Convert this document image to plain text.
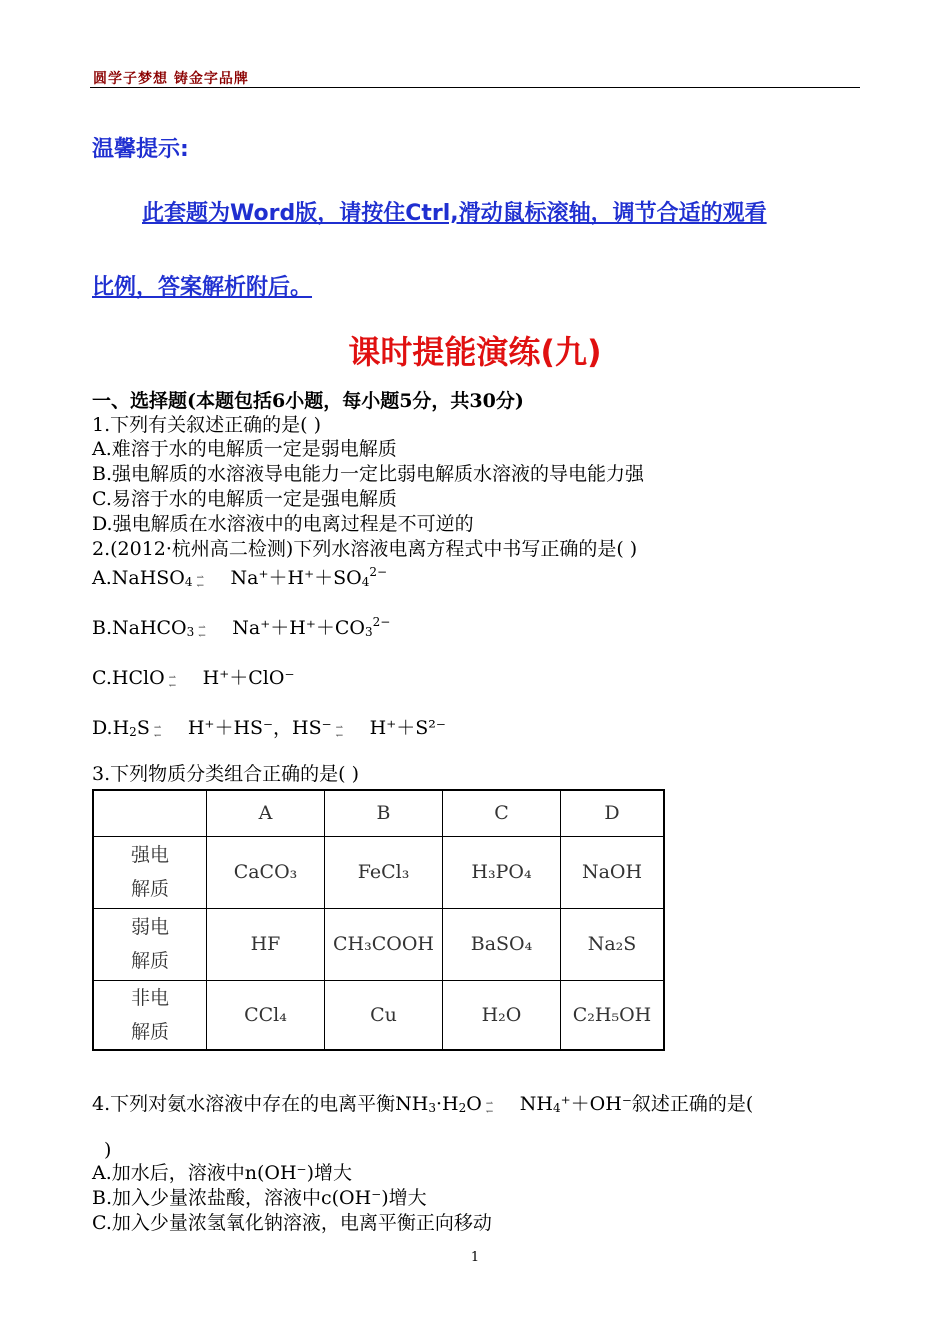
圆学子梦想 铸金字品牌
温馨提示:
此套题为Word版，请按住Ctrl,滑动鼠标滚轴，调节合适的观看
比例，答案解析附后。
课时提能演练(九)
一、选择题(本题包括6小题，每小题5分，共30分)
1.下列有关叙述正确的是( )
A.难溶于水的电解质一定是弱电解质
B.强电解质的水溶液导电能力一定比弱电解质水溶液的导电能力强
C.易溶于水的电解质一定是强电解质
D.强电解质在水溶液中的电离过程是不可逆的
2.(2012·杭州高二检测)下列水溶液电离方程式中书写正确的是( )
A.NaHSO$_4$ ⇀
↽ $Na^++H^++SO_4^{2-}$
B.NaHCO$_3$ ⇀
↽ $Na^++H^++CO_3^{2-}$
C.HClO ⇀
↽ H⁺＋ClO⁻
$D.H_2S$ ⇀
↽ H⁺＋HS⁻，HS⁻ ⇀
↽ H⁺＋S²⁻
3.下列物质分类组合正确的是( )
	A	B	C	D

强电
解质	CaCO₃	FeCl₃	H₃PO₄	NaOH

弱电
解质	HF	CH₃COOH	BaSO₄	Na₂S

非电
解质	CCl₄	Cu	H₂O	C₂H₅OH
4.下列对氨水溶液中存在的电离平衡$NH_3\cdot H_2O$ ⇀
↽ $NH_4^++OH^-$叙述正确的是(
)
A.加水后，溶液中n(OH⁻)增大
B.加入少量浓盐酸，溶液中c(OH⁻)增大
C.加入少量浓氢氧化钠溶液，电离平衡正向移动
1
